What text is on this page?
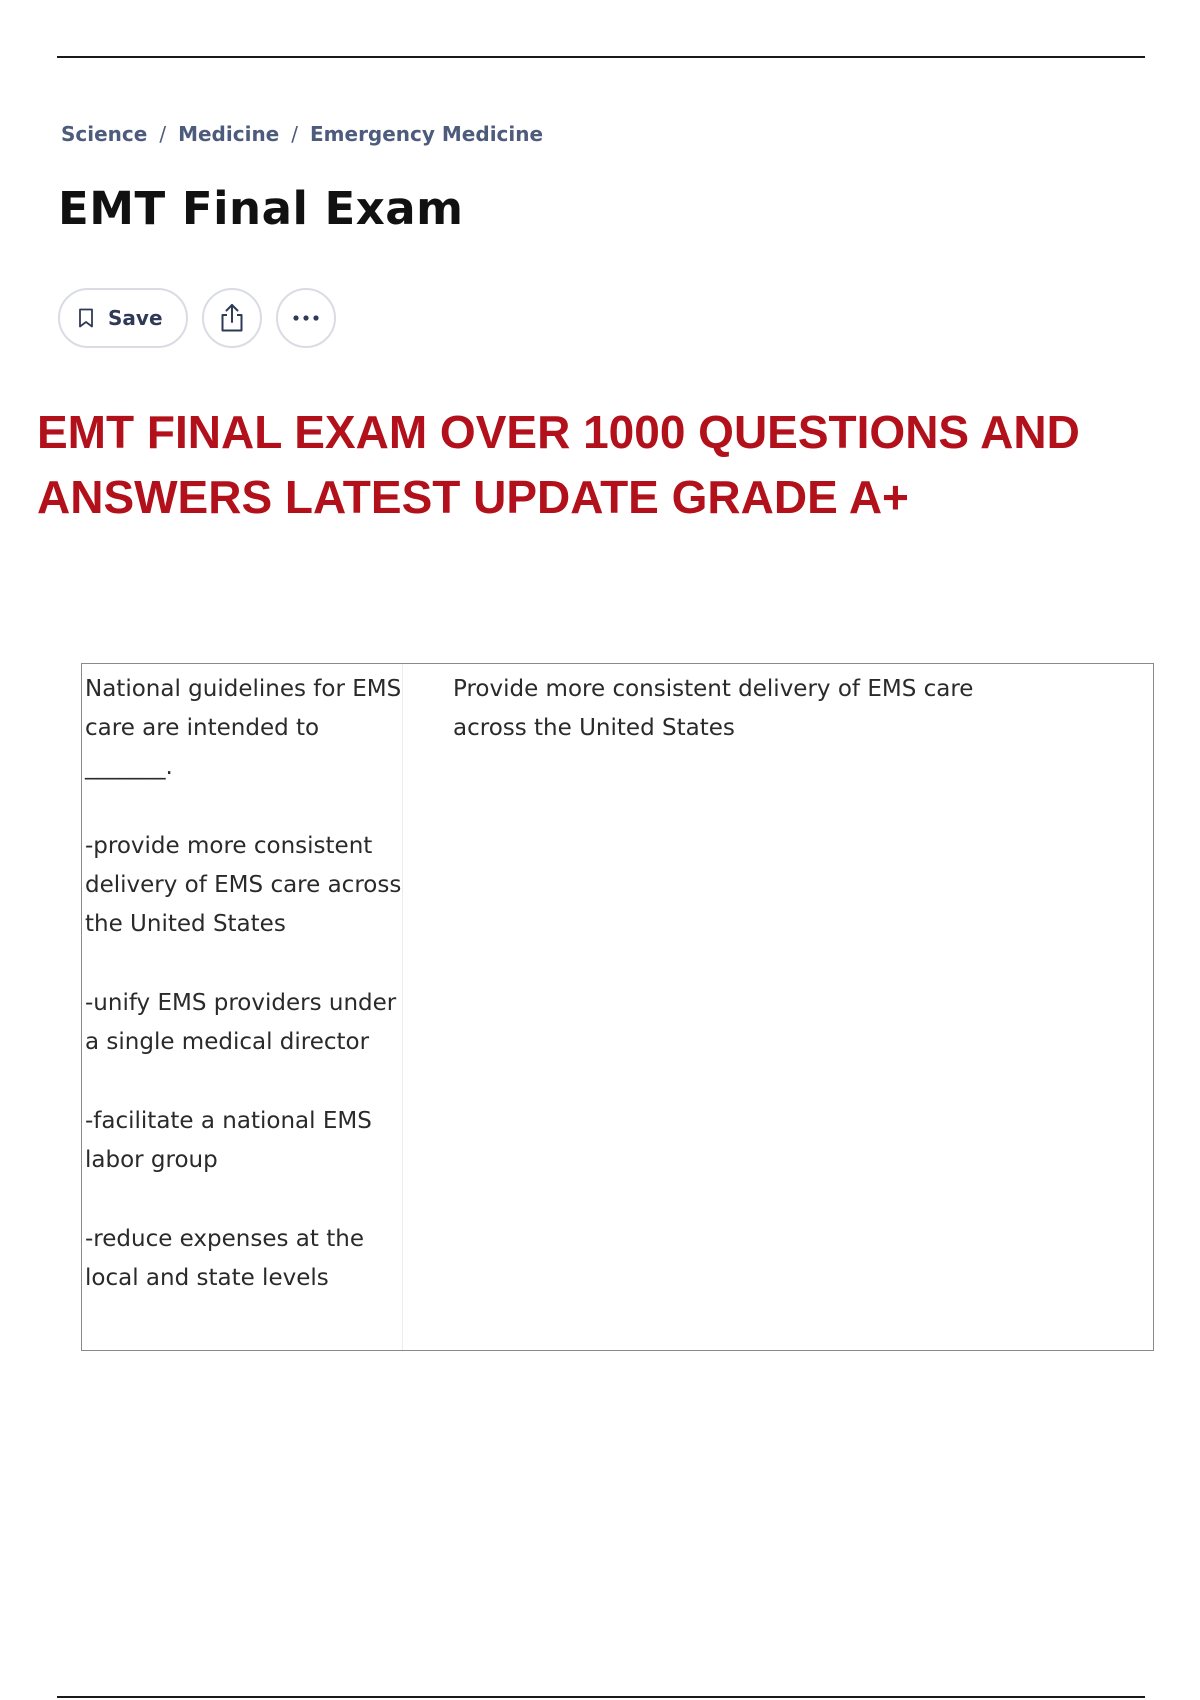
Science / Medicine / Emergency Medicine
EMT Final Exam
Save
EMT FINAL EXAM OVER 1000 QUESTIONS AND
ANSWERS LATEST UPDATE GRADE A+

National guidelines for EMS care are intended to _______.

-provide more consistent delivery of EMS care across the United States

-unify EMS providers under a single medical director

-facilitate a national EMS labor group

-reduce expenses at the local and state levels

Provide more consistent delivery of EMS care across the United States
